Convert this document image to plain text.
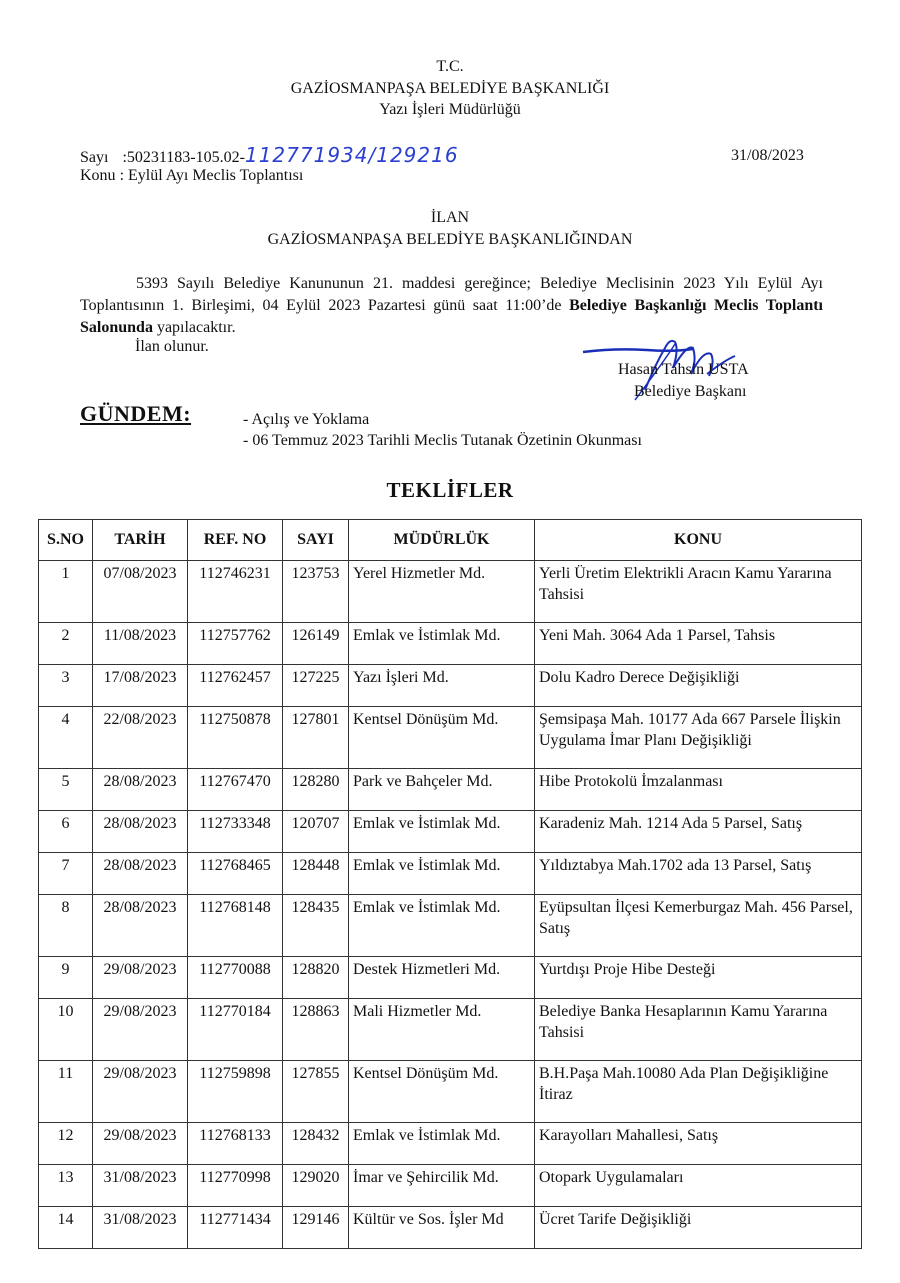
T.C.
GAZİOSMANPAŞA BELEDİYE BAŞKANLIĞI
Yazı İşleri Müdürlüğü
Sayı :50231183-105.02-112771934/129216	31/08/2023
Konu : Eylül Ayı Meclis Toplantısı
İLAN
GAZİOSMANPAŞA BELEDİYE BAŞKANLIĞINDAN
5393 Sayılı Belediye Kanununun 21. maddesi gereğince; Belediye Meclisinin 2023 Yılı Eylül Ayı Toplantısının 1. Birleşimi, 04 Eylül 2023 Pazartesi günü saat 11:00’de Belediye Başkanlığı Meclis Toplantı Salonunda yapılacaktır.
İlan olunur.
Hasan Tahsin USTA
Belediye Başkanı
GÜNDEM:	- Açılış ve Yoklama
- 06 Temmuz 2023 Tarihli Meclis Tutanak Özetinin Okunması
TEKLİFLER
S.NO	TARİH	REF. NO	SAYI	MÜDÜRLÜK	KONU
1	07/08/2023	112746231	123753	Yerel Hizmetler Md.	Yerli Üretim Elektrikli Aracın Kamu Yararına Tahsisi
2	11/08/2023	112757762	126149	Emlak ve İstimlak Md.	Yeni Mah. 3064 Ada 1 Parsel, Tahsis
3	17/08/2023	112762457	127225	Yazı İşleri Md.	Dolu Kadro Derece Değişikliği
4	22/08/2023	112750878	127801	Kentsel Dönüşüm Md.	Şemsipaşa Mah. 10177 Ada 667 Parsele İlişkin Uygulama İmar Planı Değişikliği
5	28/08/2023	112767470	128280	Park ve Bahçeler Md.	Hibe Protokolü İmzalanması
6	28/08/2023	112733348	120707	Emlak ve İstimlak Md.	Karadeniz Mah. 1214 Ada 5 Parsel, Satış
7	28/08/2023	112768465	128448	Emlak ve İstimlak Md.	Yıldıztabya Mah.1702 ada 13 Parsel, Satış
8	28/08/2023	112768148	128435	Emlak ve İstimlak Md.	Eyüpsultan İlçesi Kemerburgaz Mah. 456 Parsel, Satış
9	29/08/2023	112770088	128820	Destek Hizmetleri Md.	Yurtdışı Proje Hibe Desteği
10	29/08/2023	112770184	128863	Mali Hizmetler Md.	Belediye Banka Hesaplarının Kamu Yararına Tahsisi
11	29/08/2023	112759898	127855	Kentsel Dönüşüm Md.	B.H.Paşa Mah.10080 Ada Plan Değişikliğine İtiraz
12	29/08/2023	112768133	128432	Emlak ve İstimlak Md.	Karayolları Mahallesi, Satış
13	31/08/2023	112770998	129020	İmar ve Şehircilik Md.	Otopark Uygulamaları
14	31/08/2023	112771434	129146	Kültür ve Sos. İşler Md	Ücret Tarife Değişikliği
